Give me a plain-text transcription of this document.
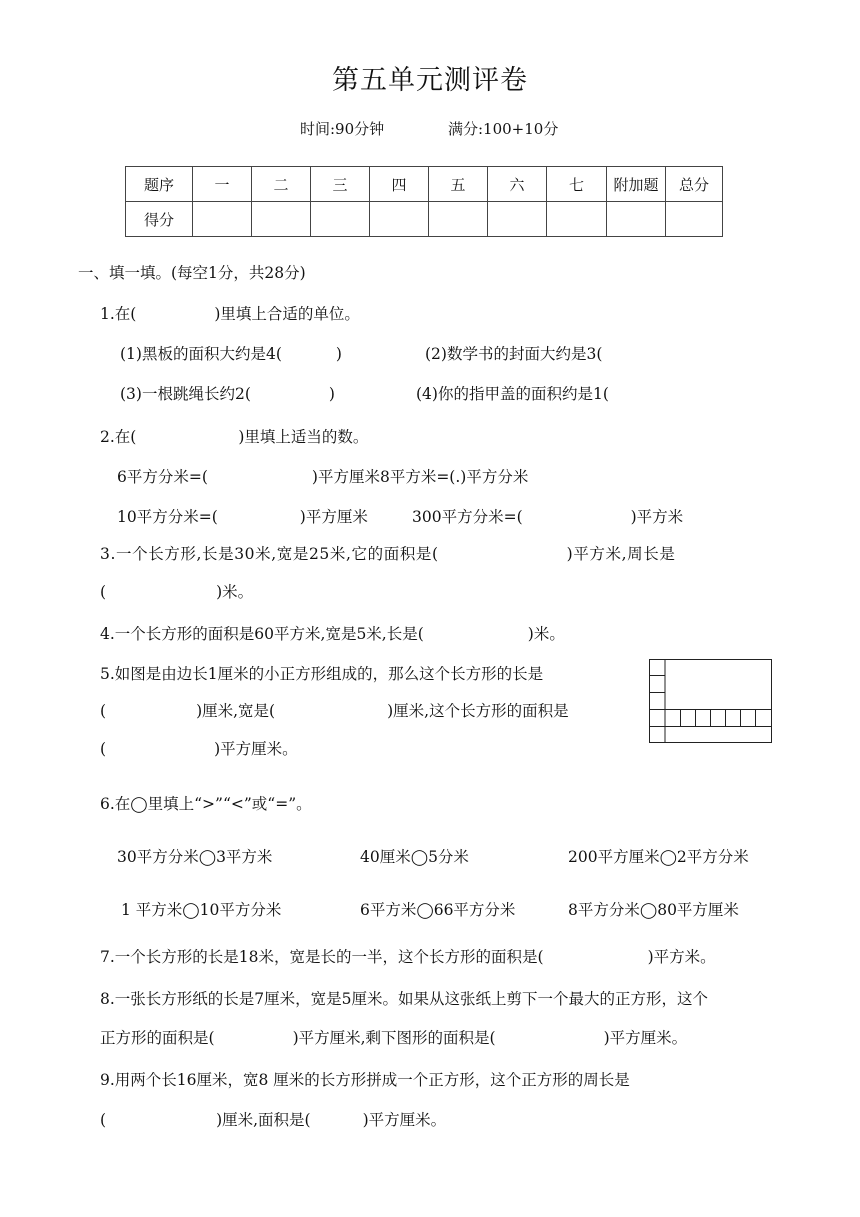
第五单元测评卷
时间:90分钟	满分:100+10分
题序	一	二	三	四	五	六	七	附加题	总分
得分									
一、填一填。(每空1分，共28分)
1.在(	)里填上合适的单位。
(1)黑板的面积大约是4(	)	(2)数学书的封面大约是3(
(3)一根跳绳长约2(	)	(4)你的指甲盖的面积约是1(
2.在(	)里填上适当的数。
6平方分米=(	)平方厘米8平方米=(.)平方分米
10平方分米=(	)平方厘米	300平方分米=(	)平方米
3.一个长方形,长是30米,宽是25米,它的面积是(	)平方米,周长是
(	)米。
4.一个长方形的面积是60平方米,宽是5米,长是(	)米。
5.如图是由边长1厘米的小正方形组成的，那么这个长方形的长是
(	)厘米,宽是(	)厘米,这个长方形的面积是
(	)平方厘米。
6.在◯里填上“>”“<”或“=”。
30平方分米◯3平方米	40厘米◯5分米	200平方厘米◯2平方分米
1 平方米◯10平方分米	6平方米◯66平方分米	8平方分米◯80平方厘米
7.一个长方形的长是18米，宽是长的一半，这个长方形的面积是(	)平方米。
8.一张长方形纸的长是7厘米，宽是5厘米。如果从这张纸上剪下一个最大的正方形，这个
正方形的面积是(	)平方厘米,剩下图形的面积是(	)平方厘米。
9.用两个长16厘米，宽8 厘米的长方形拼成一个正方形，这个正方形的周长是
(	)厘米,面积是(	)平方厘米。
